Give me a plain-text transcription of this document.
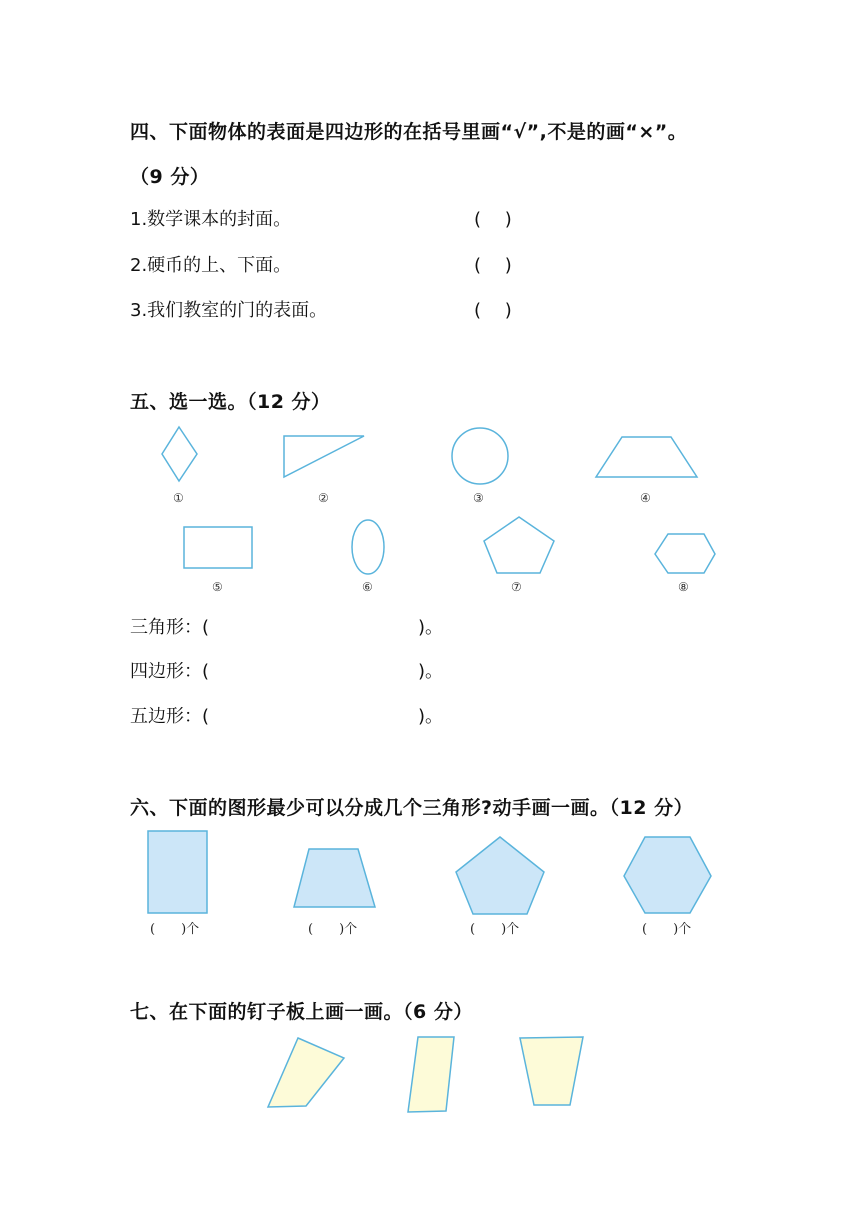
四、下面物体的表面是四边形的在括号里画“√”,不是的画“×”。
（9 分）
1.数学课本的封面。	(　 )
2.硬币的上、下面。	(　 )
3.我们教室的门的表面。	(　 )
五、选一选。（12 分）
①	②	③	④
⑤	⑥	⑦	⑧
三角形：(	)。
四边形：(	)。
五边形：(	)。
六、下面的图形最少可以分成几个三角形?动手画一画。（12 分）
(　　)个	(　　)个	(　　)个	(　　)个
七、在下面的钉子板上画一画。（6 分）
